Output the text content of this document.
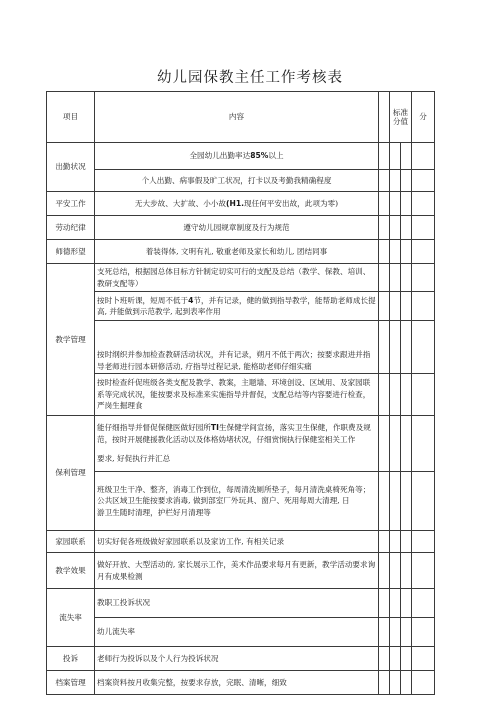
幼儿园保教主任工作考核表
项目	内容		标准分值		分
出勤状况	全园幼儿出勤率达85%以上				
	个人出勤、病事假及旷工状况，打卡以及考勤我精确程度				
平安工作	无大步故、大扩故、小小故(H1.现任何平安出故，此项为零)				
劳动纪律	遵守幼儿园规章制度及行为规范				
师德形望	着装得体, 文明有礼, 敬重老师及家长和幼儿, 团结同事				
教学管理	支死总结，根据园总体目标方针制定切实可行的支配及总结（教学、保教、培训、教研支配等）				
	按时卜班听课，短周不低于4节，并有记录，健的做到指导教学，能帮助老师成长提高, 并能做到示范教学, 起到表率作用				
	按时纲织并参加检查教研活动状况，并有记录，朔月不低于两次；按要求跟进并指导老师进行园本研修活动, 疗指导过程记录, 能格助老师仔细实痛				
	按时检查纤促班级各类支配及教学、教案，主题墙、环境创设、区域用、及家园联系等完成状况，能按要求及标准来实施指导并督促，支配总结等内容要进行检查，严岗生掘理食				
保利管理	能仔细指导并督促保健医做好园所TI生保健学间宣扬，落实卫生保健，作职费及规范，按时开展健援教化活动以及体格妫堵状况，仔细赏悯执行保健室相关工作
要求, 好促执行并汇总				

	班级卫生干净、整齐，消毒工作到位，每周清洗厕所垫子，每月清洗桌椅死角等；公共区域卫生能按要求消毒, 做到部室厂外玩具、窗户、死用每周大清理, 日
游卫生随时清理，护栏好月清理等				

家园联系	切实好促各班级做好家园联系以及家访工作, 有相关记录				
教学效果	做好开放、大型活动的, 家长展示工作，美术作品要求每月有更新，教学活动要求询月有成果检测				
流失率	教职工投诉状况				
	幼儿流失率				
投诉	老师行为投诉以及个人行为投诉状况				
档案管理	档案资料按月收集完整，按要求存放，完眠、清晰，细致				
